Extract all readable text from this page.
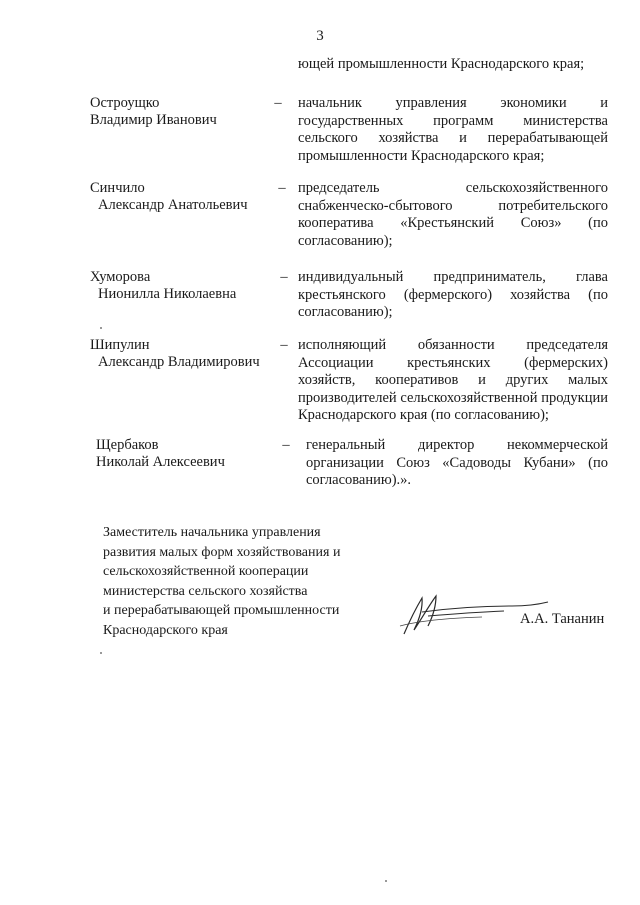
3
ющей промышленности Краснодарского края;
Остроущко
Владимир Иванович
–	начальник управления экономики и государственных программ министерства сельского хозяйства и перерабатывающей промышленности Краснодарского края;
Синчило
Александр Анатольевич
– председатель сельскохозяйственного снабженческо-сбытового потребительского кооператива «Крестьянский Союз» (по согласованию);
Хуморова
Нионилла Николаевна
– индивидуальный предприниматель, глава крестьянского (фермерского) хозяйства (по согласованию);
Шипулин
Александр Владимирович
– исполняющий обязанности председателя Ассоциации крестьянских (фермерских) хозяйств, кооперативов и других малых производителей сельскохозяйственной продукции Краснодарского края (по согласованию);
Щербаков
Николай Алексеевич
–	генеральный директор некоммерческой организации Союз «Садоводы Кубани» (по согласованию).».
Заместитель начальника управления
развития малых форм хозяйствования и
сельскохозяйственной кооперации
министерства сельского хозяйства
и перерабатывающей промышленности
Краснодарского края
А.А. Тананин
